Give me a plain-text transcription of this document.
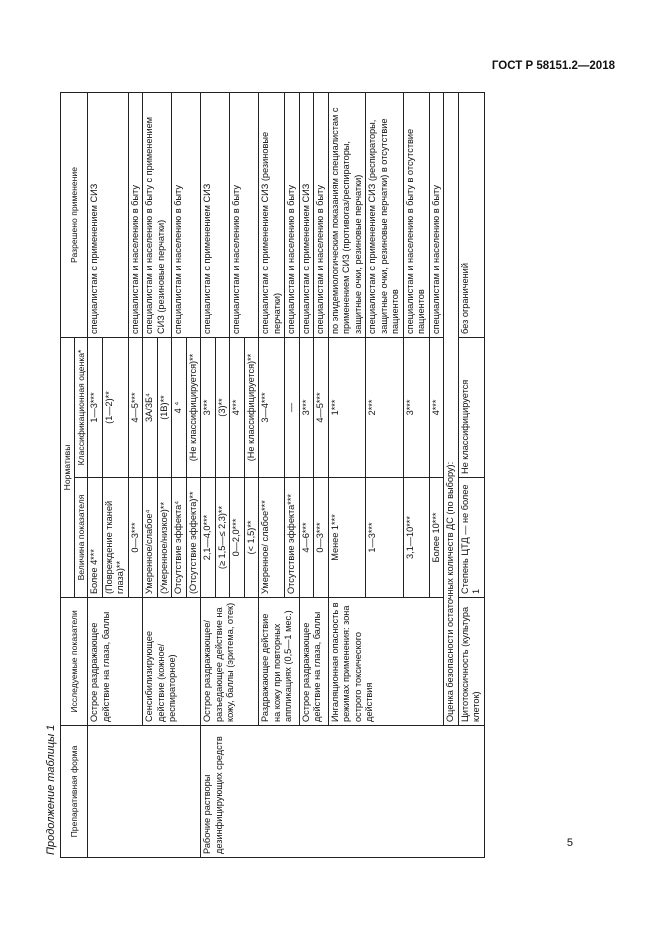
ГОСТ Р 58151.2—2018
Продолжение таблицы 1 Препаративная форма	Исследуемые показатели	Нормативы		Разрешено применение
		Величина показателя	Классификационная оценка*	
	Острое раздражающее действие на глаза, баллы	Более 4***	1—3***	специалистам с применением СИЗ
		(Повреждение тканей глаза)**	(1—2)**	
		0—3***	4—5***	специалистам и населению в быту
	Сенсибилизирующее действие (кожное/респираторное)	Умеренное/слабое⁴	3А/3Б⁴	специалистам и населению в быту с применением СИЗ (резиновые перчатки)
		(Умеренное/низкое)**	(1В)**	
		Отсутствие эффекта⁴	4 ⁴	специалистам и населению в быту
		(Отсутствие эффекта)**	(Не классифицируется)**	
Рабочие растворы дезинфицирующих средств	Острое раздражающее/ разъедающее действие на кожу, баллы (эритема, отек)	2,1—4,0***	3***	специалистам с применением СИЗ
		(≥ 1,5—≤ 2,3)**	(3)**	
		0—2,0***	4***	специалистам и населению в быту
		(< 1,5)**	(Не классифицируется)**	
	Раздражающее действие на кожу при повторных аппликациях (0,5—1 мес.)	Умеренное/ слабое***	3—4***	специалистам с применением СИЗ (резиновые перчатки)
		Отсутствие эффекта***	—	специалистам и населению в быту
	Острое раздражающее действие на глаза, баллы	4—6***	3***	специалистам с применением СИЗ
		0—3***	4—5***	специалистам и населению в быту
	Ингаляционная опасность в режимах применения: зона острого токсического действия	Менее 1***	1***	по эпидемиологическим показаниям специалистам с применением СИЗ (противогаз/респираторы, защитные очки, резиновые перчатки)
		1—3***	2***	специалистам с применением СИЗ (респираторы, защитные очки, резиновые перчатки) в отсутствие пациентов
		3,1—10***	3***	специалистам и населению в быту в отсутствие пациентов
		Более 10***	4***	специалистам и населению в быту
	Оценка безопасности остаточных количеств ДС (по выбору):			
	Цитотоксичность (культура клеток)	Степень ЦТД — не более 1	Не классифицируется	без ограничений
5
